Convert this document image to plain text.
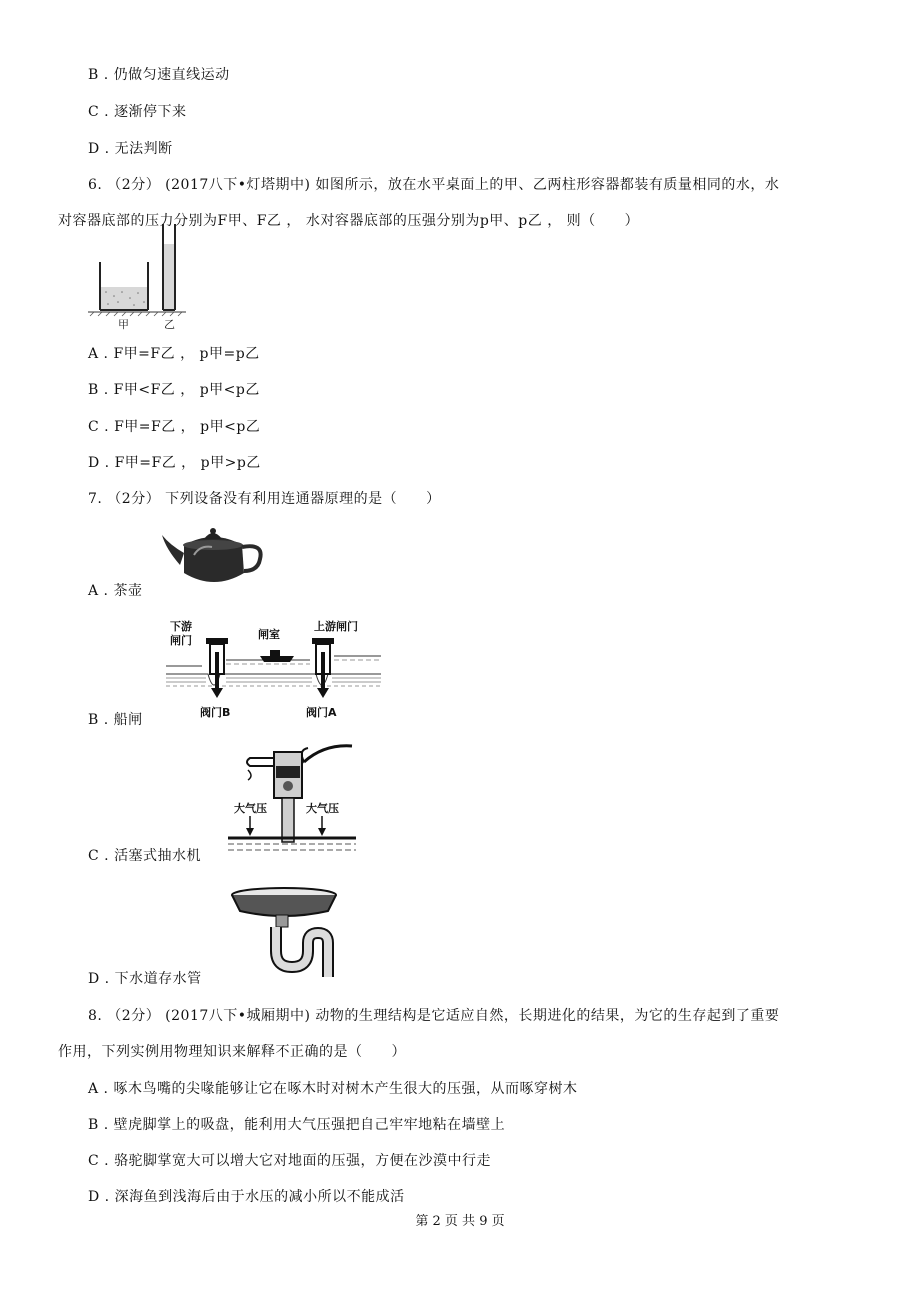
B . 仍做匀速直线运动
C . 逐渐停下来
D . 无法判断
6. （2分） (2017八下•灯塔期中) 如图所示，放在水平桌面上的甲、乙两柱形容器都装有质量相同的水，水
对容器底部的压力分别为F甲、F乙 ， 水对容器底部的压强分别为p甲、p乙 ， 则（　　）
甲	乙
A . F甲=F乙 ， p甲=p乙
B . F甲<F乙 ， p甲<p乙
C . F甲=F乙 ， p甲<p乙
D . F甲=F乙 ， p甲>p乙
7. （2分） 下列设备没有利用连通器原理的是（　　）
A . 茶壶
下游
闸门	闸室
上游闸门
阀门B	阀门A
B . 船闸
大气压	大气压
C . 活塞式抽水机
D . 下水道存水管
8. （2分） (2017八下•城厢期中) 动物的生理结构是它适应自然，长期进化的结果，为它的生存起到了重要
作用，下列实例用物理知识来解释不正确的是（　　）
A . 啄木鸟嘴的尖喙能够让它在啄木时对树木产生很大的压强，从而啄穿树木
B . 壁虎脚掌上的吸盘，能利用大气压强把自己牢牢地粘在墙壁上
C . 骆驼脚掌宽大可以增大它对地面的压强，方便在沙漠中行走
D . 深海鱼到浅海后由于水压的减小所以不能成活
第 2 页 共 9 页
